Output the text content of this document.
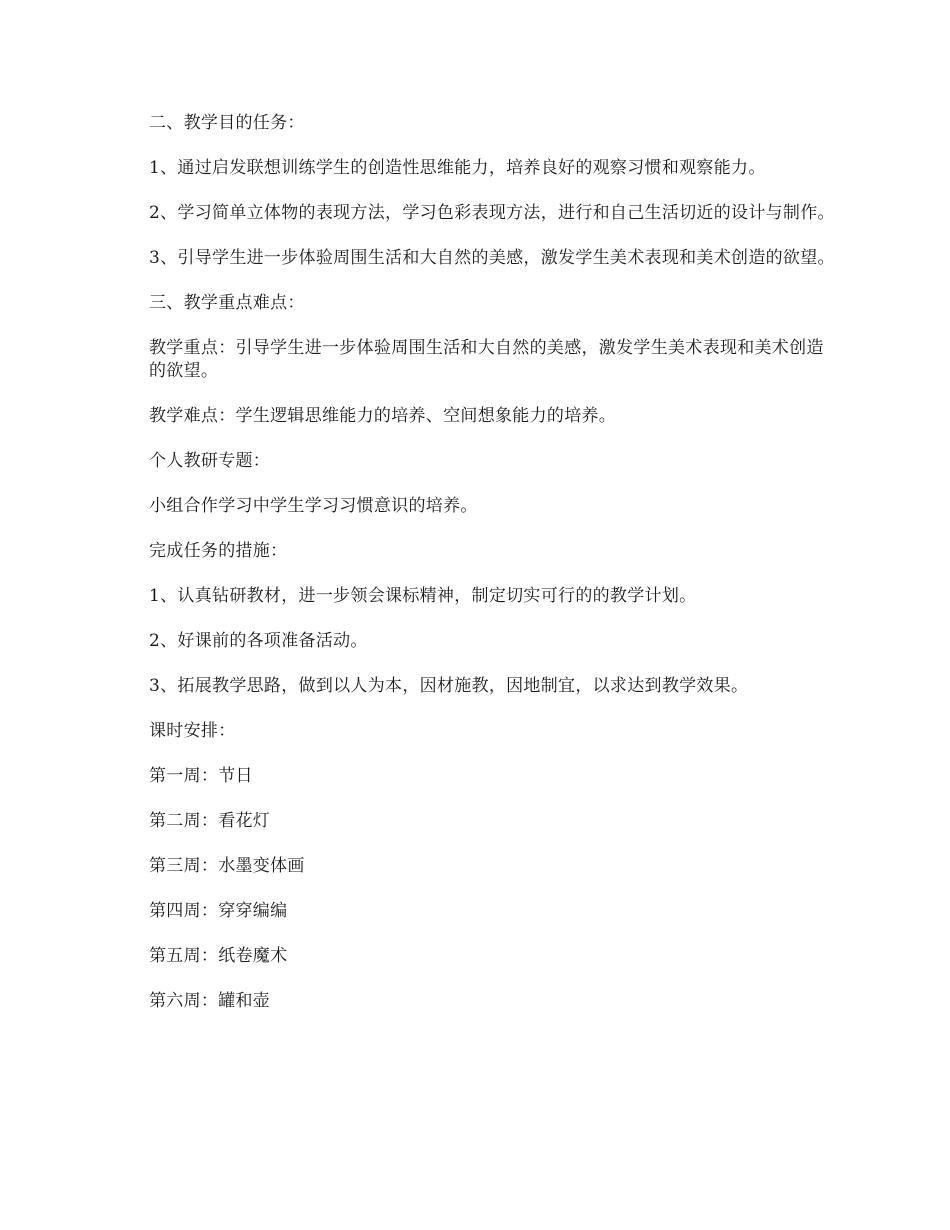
二、教学目的任务：

1、通过启发联想训练学生的创造性思维能力，培养良好的观察习惯和观察能力。

2、学习简单立体物的表现方法，学习色彩表现方法，进行和自己生活切近的设计与制作。

3、引导学生进一步体验周围生活和大自然的美感，激发学生美术表现和美术创造的欲望。

三、教学重点难点：

教学重点：引导学生进一步体验周围生活和大自然的美感，激发学生美术表现和美术创造的欲望。

教学难点：学生逻辑思维能力的培养、空间想象能力的培养。

个人教研专题：

小组合作学习中学生学习习惯意识的培养。

完成任务的措施：

1、认真钻研教材，进一步领会课标精神，制定切实可行的的教学计划。

2、好课前的各项准备活动。

3、拓展教学思路，做到以人为本，因材施教，因地制宜，以求达到教学效果。

课时安排：

第一周：节日

第二周：看花灯

第三周：水墨变体画

第四周：穿穿编编

第五周：纸卷魔术

第六周：罐和壶
